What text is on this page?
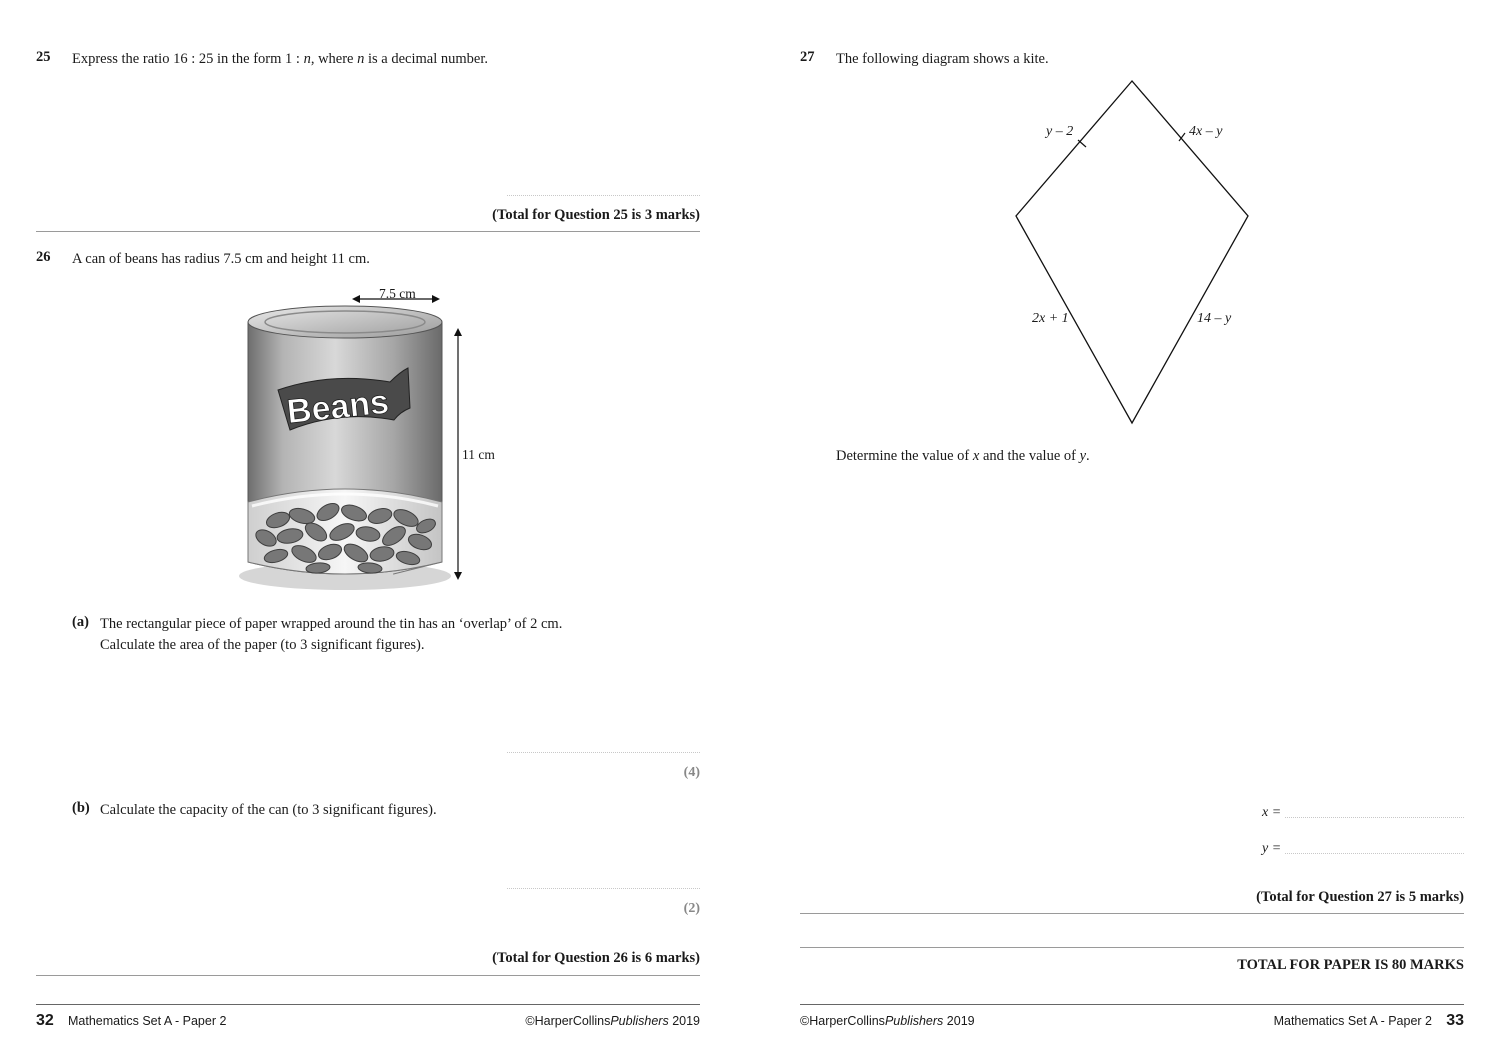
25 Express the ratio 16 : 25 in the form 1 : n, where n is a decimal number.
(Total for Question 25 is 3 marks)
26 A can of beans has radius 7.5 cm and height 11 cm.
Beans
7.5 cm
11 cm
(a) The rectangular piece of paper wrapped around the tin has an ‘overlap’ of 2 cm.
Calculate the area of the paper (to 3 significant figures).
(4)
(b) Calculate the capacity of the can (to 3 significant figures).
(2)
(Total for Question 26 is 6 marks)
32 Mathematics Set A - Paper 2	©HarperCollinsPublishers 2019
27 The following diagram shows a kite.
y – 2	4x – y
2x + 1	14 – y
Determine the value of x and the value of y.
x =
y =
(Total for Question 27 is 5 marks)
TOTAL FOR PAPER IS 80 MARKS
©HarperCollinsPublishers 2019	Mathematics Set A - Paper 2 33
